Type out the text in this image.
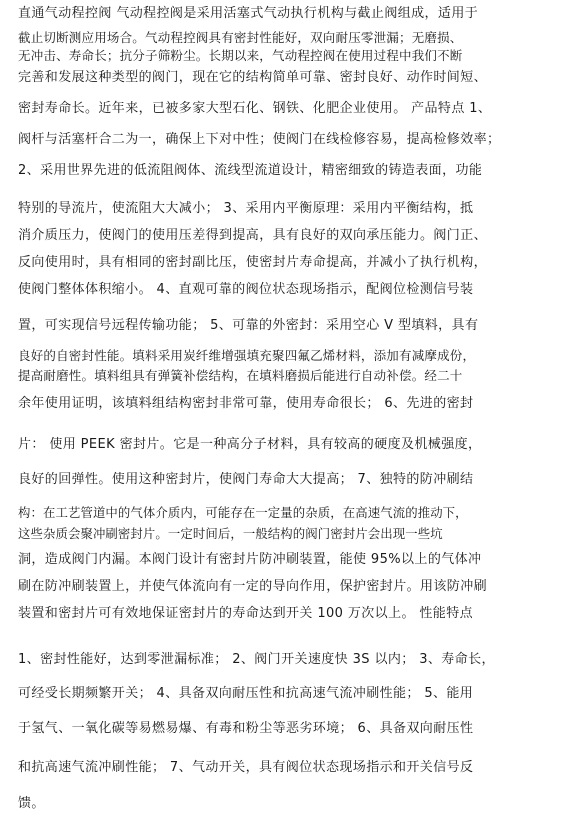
直通气动程控阀 气动程控阀是采用活塞式气动执行机构与截止阀组成，适用于
截止切断测应用场合。气动程控阀具有密封性能好，双向耐压零泄漏；无磨损、
无冲击、寿命长；抗分子筛粉尘。长期以来，气动程控阀在使用过程中我们不断
完善和发展这种类型的阀门，现在它的结构简单可靠、密封良好、动作时间短、
密封寿命长。近年来，已被多家大型石化、钢铁、化肥企业使用。 产品特点 1、
阀杆与活塞杆合二为一，确保上下对中性；使阀门在线检修容易，提高检修效率；
2、采用世界先进的低流阻阀体、流线型流道设计，精密细致的铸造表面，功能
特别的导流片，使流阻大大减小； 3、采用内平衡原理：采用内平衡结构，抵
消介质压力，使阀门的使用压差得到提高，具有良好的双向承压能力。阀门正、
反向使用时，具有相同的密封副比压，使密封片寿命提高，并减小了执行机构，
使阀门整体体积缩小。 4、直观可靠的阀位状态现场指示，配阀位检测信号装
置，可实现信号远程传输功能； 5、可靠的外密封：采用空心 V 型填料，具有
良好的自密封性能。填料采用炭纤维增强填充聚四氟乙烯材料，添加有减摩成份，
提高耐磨性。填料组具有弹簧补偿结构，在填料磨损后能进行自动补偿。经二十
余年使用证明，该填料组结构密封非常可靠，使用寿命很长； 6、先进的密封
片： 使用 PEEK 密封片。它是一种高分子材料，具有较高的硬度及机械强度，
良好的回弹性。使用这种密封片，使阀门寿命大大提高； 7、独特的防冲刷结
构：在工艺管道中的气体介质内，可能存在一定量的杂质，在高速气流的推动下，
这些杂质会聚冲刷密封片。一定时间后，一般结构的阀门密封片会出现一些坑
洞，造成阀门内漏。本阀门设计有密封片防冲刷装置，能使 95%以上的气体冲
刷在防冲刷装置上，并使气体流向有一定的导向作用，保护密封片。用该防冲刷
装置和密封片可有效地保证密封片的寿命达到开关 100 万次以上。 性能特点
1、密封性能好，达到零泄漏标准； 2、阀门开关速度快 3S 以内； 3、寿命长，
可经受长期频繁开关； 4、具备双向耐压性和抗高速气流冲刷性能； 5、能用
于氢气、一氧化碳等易燃易爆、有毒和粉尘等恶劣环境； 6、具备双向耐压性
和抗高速气流冲刷性能； 7、气动开关，具有阀位状态现场指示和开关信号反
馈。
